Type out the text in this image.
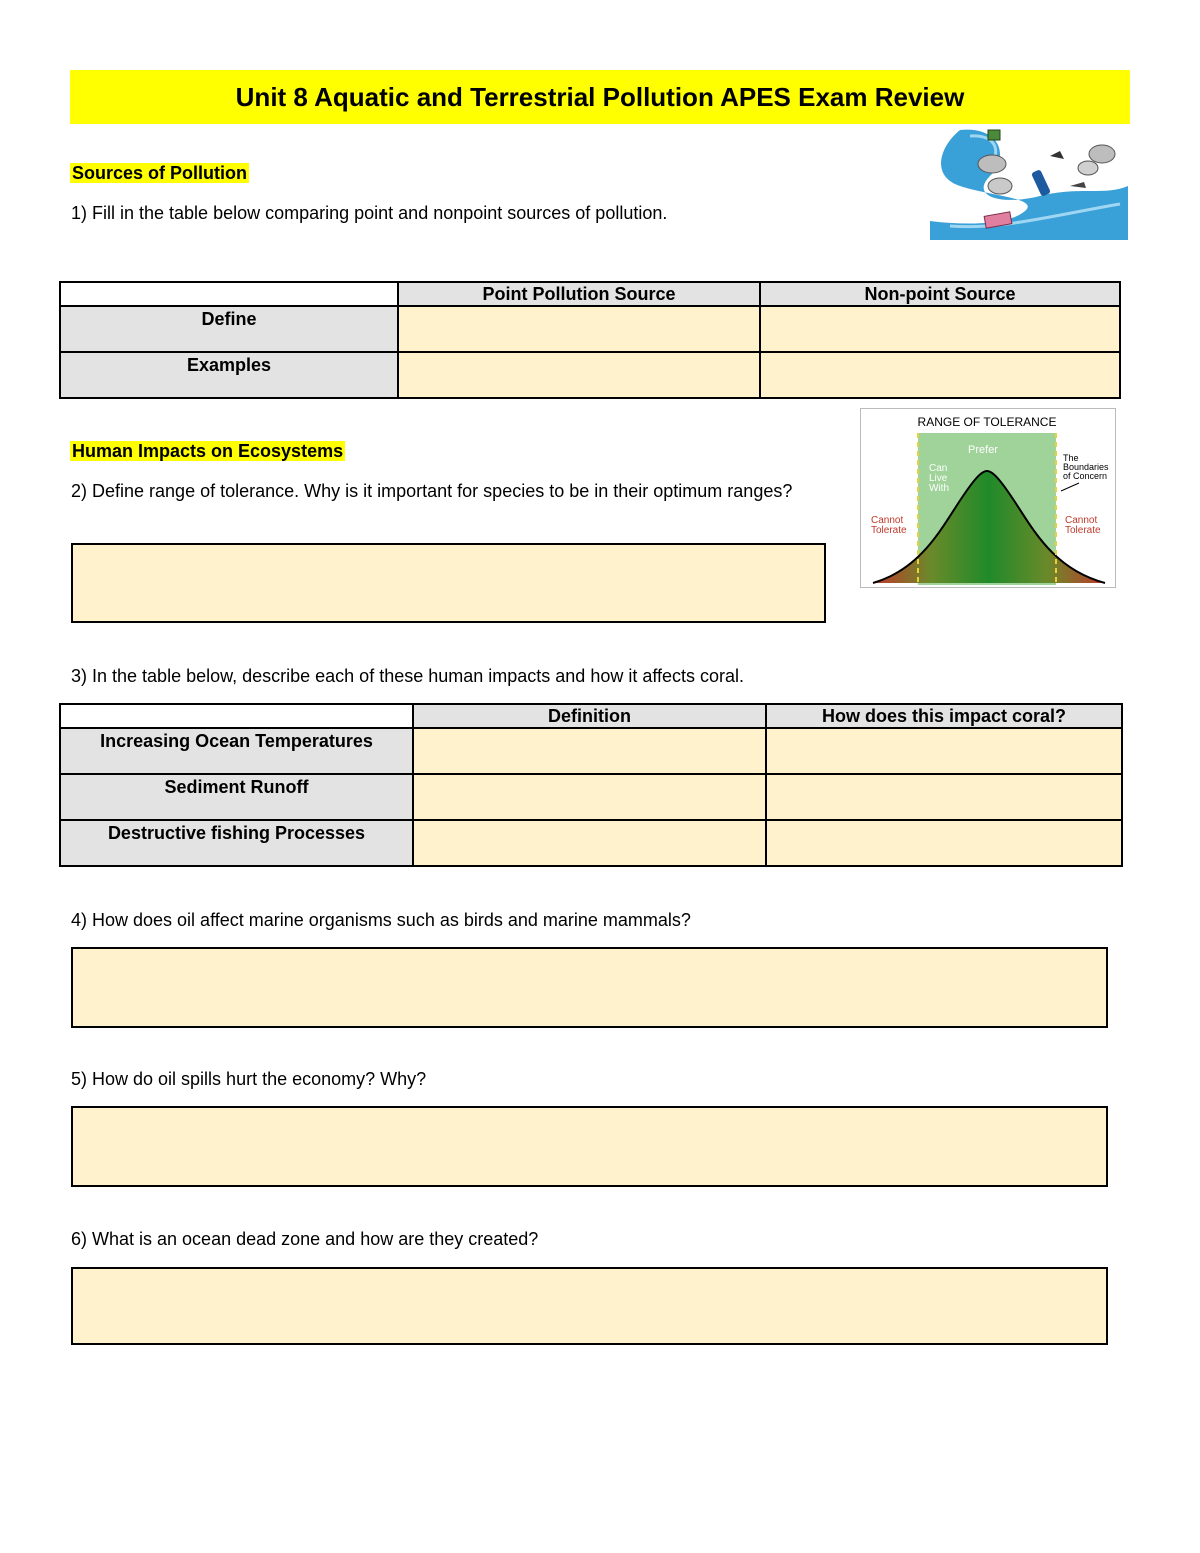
Unit 8 Aquatic and Terrestrial Pollution APES Exam Review
Sources of Pollution
1) Fill in the table below comparing point and nonpoint sources of pollution.
	Point Pollution Source	Non-point Source
Define		
Examples		
Human Impacts on Ecosystems
2) Define range of tolerance. Why is it important for species to be in their optimum ranges?
RANGE OF TOLERANCE
Prefer
Can
Live
With
Cannot
Tolerate
Cannot
Tolerate
The
Boundaries
of Concern
3) In the table below, describe each of these human impacts and how it affects coral.
	Definition	How does this impact coral?
Increasing Ocean Temperatures		
Sediment Runoff		
Destructive fishing Processes		
4) How does oil affect marine organisms such as birds and marine mammals?
5) How do oil spills hurt the economy? Why?
6) What is an ocean dead zone and how are they created?
